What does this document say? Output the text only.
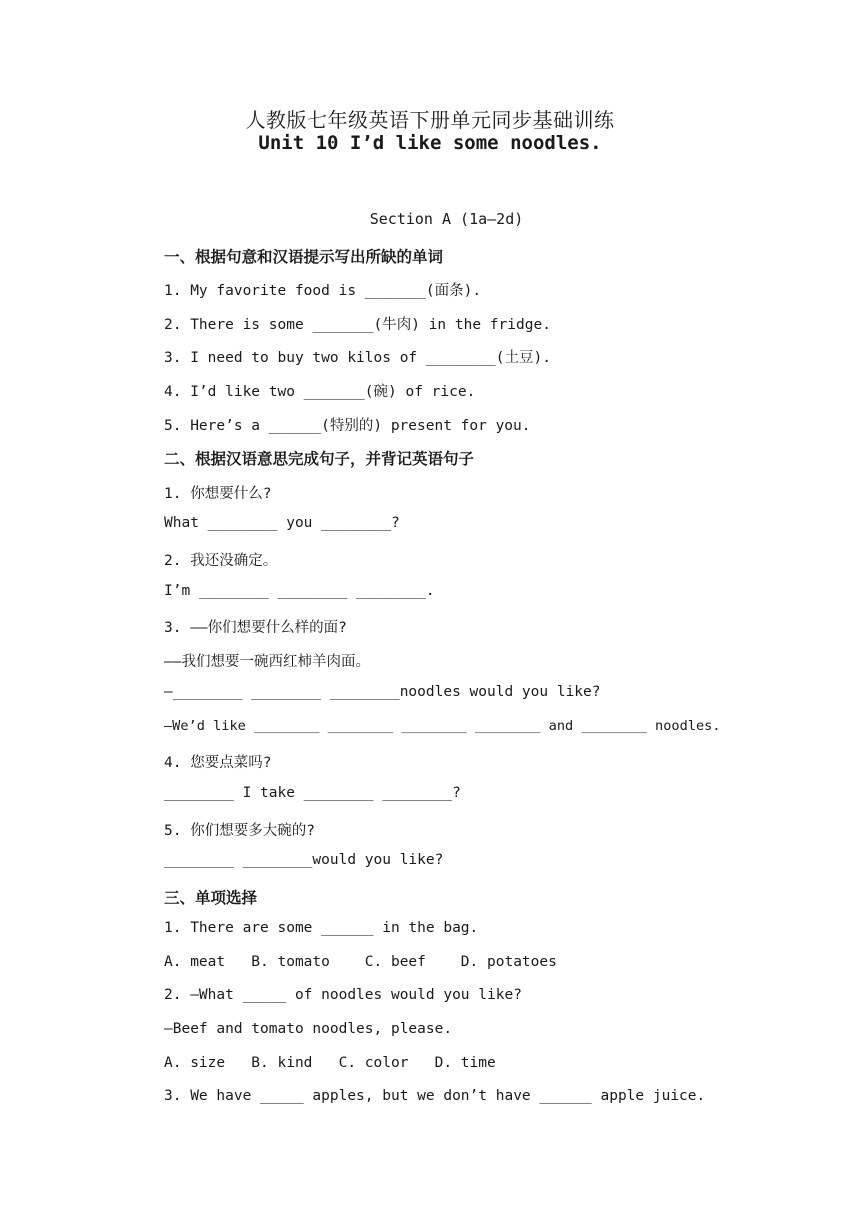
人教版七年级英语下册单元同步基础训练
Unit 10 I’d like some noodles.
Section A (1a—2d)
一、根据句意和汉语提示写出所缺的单词
1. My favorite food is _______(面条).
2. There is some _______(牛肉) in the fridge.
3. I need to buy two kilos of ________(土豆).
4. I’d like two _______(碗) of rice.
5. Here’s a ______(特别的) present for you.
二、根据汉语意思完成句子，并背记英语句子
1. 你想要什么?
What ________ you ________?
2. 我还没确定。
I’m ________ ________ ________.
3. ——你们想要什么样的面?
——我们想要一碗西红柿羊肉面。
—________ ________ ________noodles would you like?
—We’d like ________ ________ ________ ________ and ________ noodles.
4. 您要点菜吗?
________ I take ________ ________?
5. 你们想要多大碗的?
________ ________would you like?
三、单项选择
1. There are some ______ in the bag.
A. meat   B. tomato    C. beef    D. potatoes
2. —What _____ of noodles would you like?
—Beef and tomato noodles, please.
A. size   B. kind   C. color   D. time
3. We have _____ apples, but we don’t have ______ apple juice.
